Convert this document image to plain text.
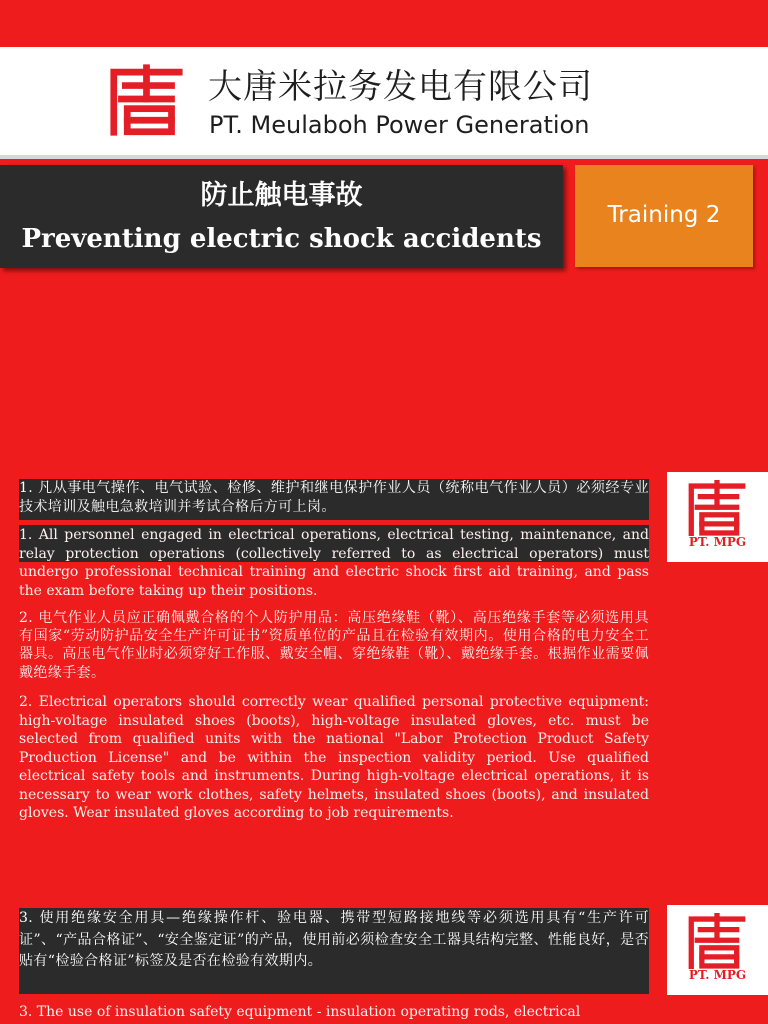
大唐米拉务发电有限公司
PT. Meulaboh Power Generation
防止触电事故
Preventing electric shock accidents
Training 2
PT. MPG
PT. MPG

1. 凡从事电气操作、电气试验、检修、维护和继电保护作业人员（统称电气作业人员）必须经专业技术培训及触电急救培训并考试合格后方可上岗。

1. All personnel engaged in electrical operations, electrical testing, maintenance, and relay protection operations (collectively referred to as electrical operators) must undergo professional technical training and electric shock first aid training, and pass the exam before taking up their positions.

2. 电气作业人员应正确佩戴合格的个人防护用品：高压绝缘鞋（靴）、高压绝缘手套等必须选用具有国家“劳动防护品安全生产许可证书”资质单位的产品且在检验有效期内。使用合格的电力安全工器具。高压电气作业时必须穿好工作服、戴安全帽、穿绝缘鞋（靴）、戴绝缘手套。根据作业需要佩戴绝缘手套。

2. Electrical operators should correctly wear qualified personal protective equipment: high-voltage insulated shoes (boots), high-voltage insulated gloves, etc. must be selected from qualified units with the national "Labor Protection Product Safety Production License" and be within the inspection validity period. Use qualified electrical safety tools and instruments. During high-voltage electrical operations, it is necessary to wear work clothes, safety helmets, insulated shoes (boots), and insulated gloves. Wear insulated gloves according to job requirements.

3. 使用绝缘安全用具—绝缘操作杆、验电器、携带型短路接地线等必须选用具有“生产许可证”、“产品合格证”、“安全鉴定证”的产品，使用前必须检查安全工器具结构完整、性能良好，是否贴有“检验合格证”标签及是否在检验有效期内。

3. The use of insulation safety equipment - insulation operating rods, electrical
